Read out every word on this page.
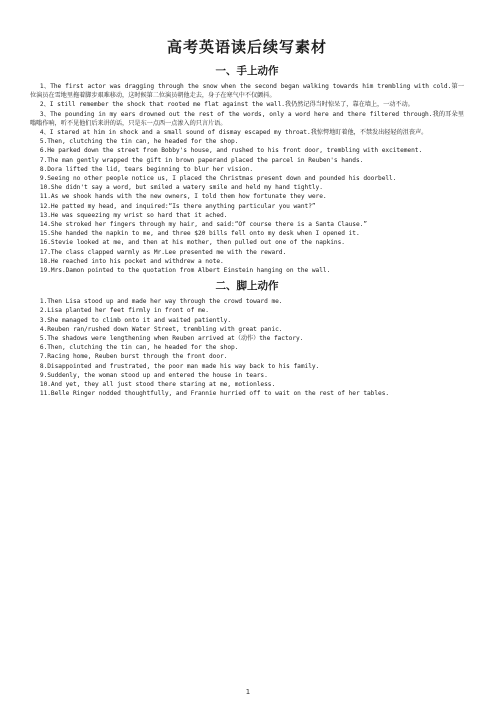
高考英语读后续写素材
一、手上动作

1、The first actor was dragging through the snow when the second began walking towards him trembling with cold.第一位演员在雪地里拖着脚步艰难移动，这时候第二位演员朝他走去，身子在寒气中不仅颤抖。

2、I still remember the shock that rooted me flat against the wall.我仍然记得当时惊呆了，靠在墙上，一动不动。

3、The pounding in my ears drowned out the rest of the words, only a word here and there filtered through.我的耳朵里嗡嗡作响，听不见他们后来讲的话，只是东一点西一点渗入的只言片语。

4、I stared at him in shock and a small sound of dismay escaped my throat.我惊愕地盯着他，不禁发出轻轻的沮丧声。

5.Then, clutching the tin can, he headed for the shop.

6.He parked down the street from Bobby's house, and rushed to his front door, trembling with excitement.

7.The man gently wrapped the gift in brown paperand placed the parcel in Reuben's hands.

8.Dora lifted the lid, tears beginning to blur her vision.

9.Seeing no other people notice us, I placed the Christmas present down and pounded his doorbell.

10.She didn't say a word, but smiled a watery smile and held my hand tightly.

11.As we shook hands with the new owners, I told them how fortunate they were.

12.He patted my head, and inquired:“Is there anything particular you want?”

13.He was squeezing my wrist so hard that it ached.

14.She stroked her fingers through my hair, and said:“Of course there is a Santa Clause.”

15.She handed the napkin to me, and three $20 bills fell onto my desk when I opened it.

16.Stevie looked at me, and then at his mother, then pulled out one of the napkins.

17.The class clapped warmly as Mr.Lee presented me with the reward.

18.He reached into his pocket and withdrew a note.

19.Mrs.Damon pointed to the quotation from Albert Einstein hanging on the wall.

二、脚上动作

1.Then Lisa stood up and made her way through the crowd toward me.

2.Lisa planted her feet firmly in front of me.

3.She managed to climb onto it and waited patiently.

4.Reuben ran/rushed down Water Street, trembling with great panic.

5.The shadows were lengthening when Reuben arrived at（动作）the factory.

6.Then, clutching the tin can, he headed for the shop.

7.Racing home, Reuben burst through the front door.

8.Disappointed and frustrated, the poor man made his way back to his family.

9.Suddenly, the woman stood up and entered the house in tears.

10.And yet, they all just stood there staring at me, motionless.

11.Belle Ringer nodded thoughtfully, and Frannie hurried off to wait on the rest of her tables.

1
